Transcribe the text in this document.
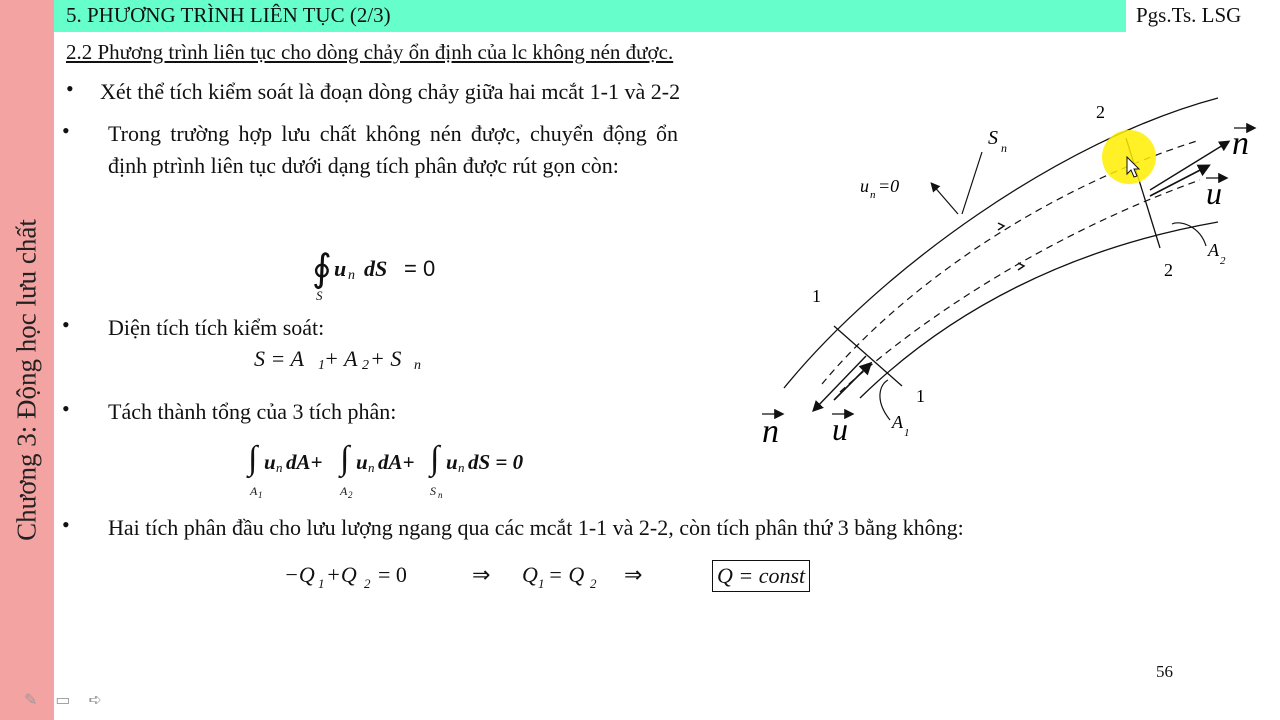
Chương 3: Động học lưu chất
5. PHƯƠNG TRÌNH LIÊN TỤC (2/3)	Pgs.Ts. LSG
2.2 Phương trình liên tục cho dòng chảy ổn định của lc không nén được.
• Xét thể tích kiểm soát là đoạn dòng chảy giữa hai mcắt 1-1 và 2-2
• Trong trường hợp lưu chất không nén được, chuyển động ổn định ptrình liên tục dưới dạng tích phân được rút gọn còn:
∮ u n dS = 0
S
• Diện tích tích kiểm soát:
S = A 1 + A 2 + S n
• Tách thành tổng của 3 tích phân:
∫ u n dA+
A 1
∫ u n dA+
A 2
∫ u n dS = 0
S n
• Hai tích phân đầu cho lưu lượng ngang qua các mcắt 1-1 và 2-2, còn tích phân thứ 3 bằng không:
−Q 1 +Q 2 = 0	⇒ Q 1 = Q 2 ⇒	Q = const
2
2
1
1
S n
u n =0
A
2
A
1
n u
n
u
56
✎ ▭ ➪
